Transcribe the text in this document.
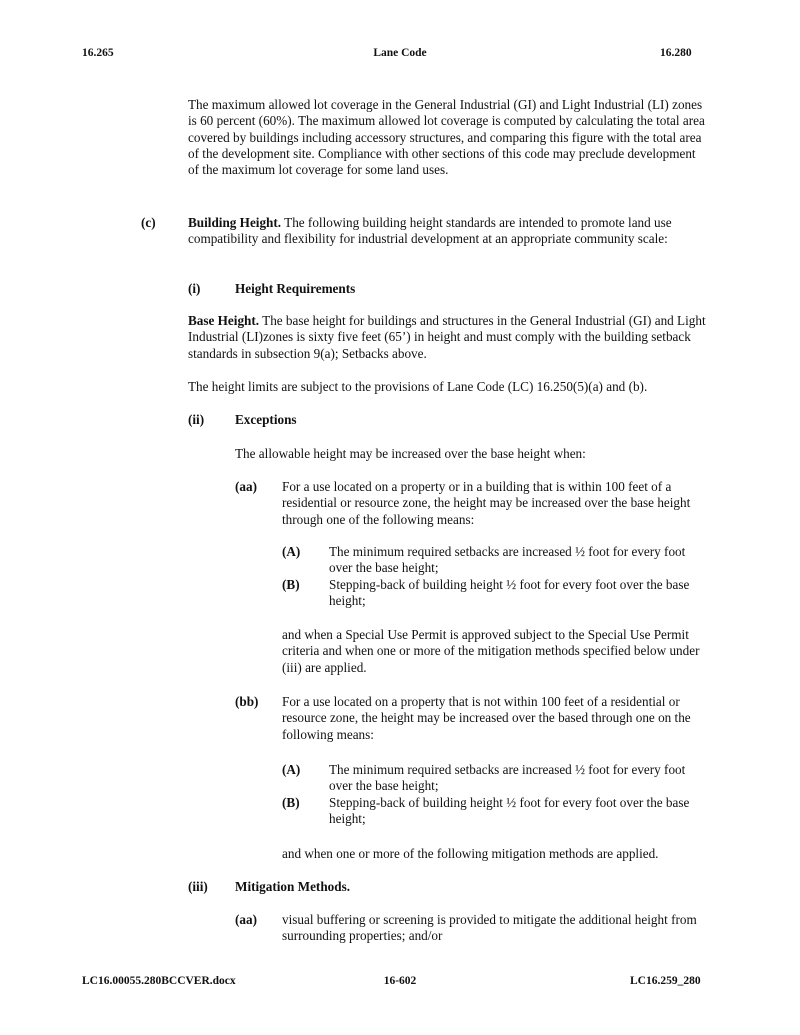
16.265	Lane Code	16.280
The maximum allowed lot coverage in the General Industrial (GI) and Light Industrial (LI) zones is 60 percent (60%). The maximum allowed lot coverage is computed by calculating the total area covered by buildings including accessory structures, and comparing this figure with the total area of the development site. Compliance with other sections of this code may preclude development of the maximum lot coverage for some land uses.
(c) Building Height. The following building height standards are intended to promote land use compatibility and flexibility for industrial development at an appropriate community scale:
(i)	Height Requirements
Base Height. The base height for buildings and structures in the General Industrial (GI) and Light Industrial (LI)zones is sixty five feet (65’) in height and must comply with the building setback standards in subsection 9(a); Setbacks above.
The height limits are subject to the provisions of Lane Code (LC) 16.250(5)(a) and (b).
(ii) Exceptions
The allowable height may be increased over the base height when:
(aa) For a use located on a property or in a building that is within 100 feet of a residential or resource zone, the height may be increased over the base height through one of the following means:
(A) The minimum required setbacks are increased ½ foot for every foot over the base height;
(B) Stepping-back of building height ½ foot for every foot over the base height;
and when a Special Use Permit is approved subject to the Special Use Permit criteria and when one or more of the mitigation methods specified below under (iii) are applied.
(bb) For a use located on a property that is not within 100 feet of a residential or resource zone, the height may be increased over the based through one on the following means:
(A) The minimum required setbacks are increased ½ foot for every foot over the base height;
(B) Stepping-back of building height ½ foot for every foot over the base height;
and when one or more of the following mitigation methods are applied.
(iii) Mitigation Methods.
(aa) visual buffering or screening is provided to mitigate the additional height from surrounding properties; and/or
LC16.00055.280BCCVER.docx	16-602	LC16.259_280
